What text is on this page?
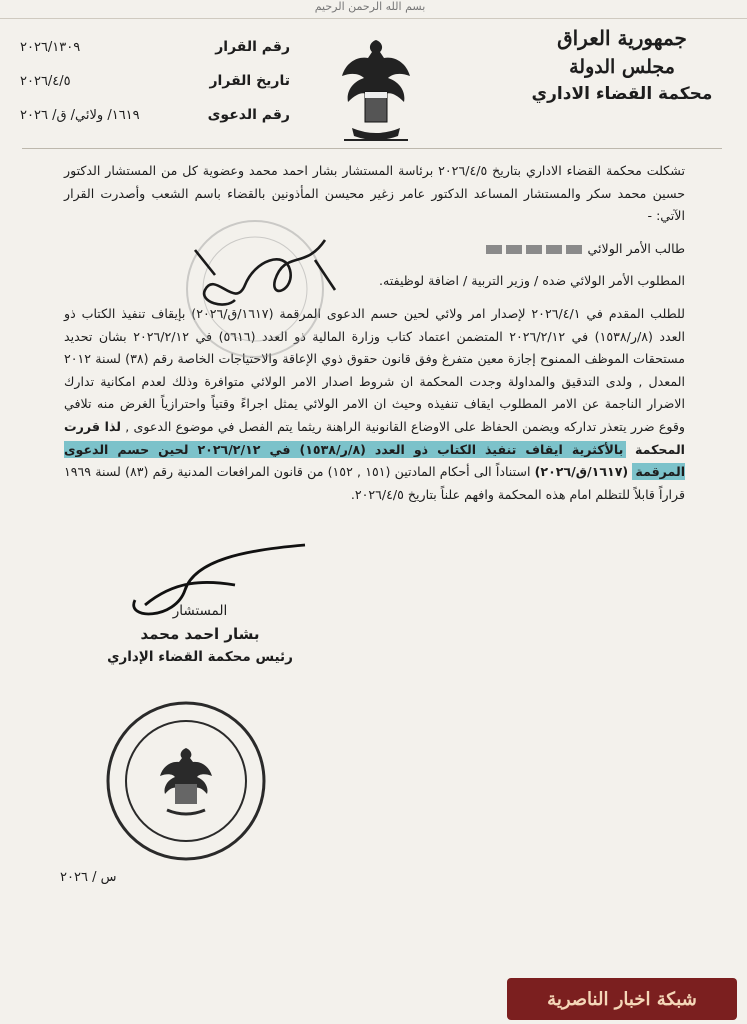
بسم الله الرحمن الرحيم
جمهورية العراق
مجلس الدولة
محكمة القضاء الاداري
رقم القرار
٢٠٢٦/١٣٠٩
تاريخ القرار
٢٠٢٦/٤/٥
رقم الدعوى
١٦١٩/ ولائي/ ق/ ٢٠٢٦

تشكلت محكمة القضاء الاداري بتاريخ ٢٠٢٦/٤/٥ برئاسة المستشار بشار احمد محمد وعضوية كل من المستشار الدكتور حسين محمد سكر والمستشار المساعد الدكتور عامر زغير محيسن المأذونين بالقضاء باسم الشعب وأصدرت القرار الآتي: -

طالب الأمر الولائي

المطلوب الأمر الولائي ضده / وزير التربية / اضافة لوظيفته.

للطلب المقدم في ٢٠٢٦/٤/١ لإصدار امر ولائي لحين حسم الدعوى المرقمة (١٦١٧/ق/٢٠٢٦) بإيقاف تنفيذ الكتاب ذو العدد (٨/ر/١٥٣٨) في ٢٠٢٦/٢/١٢ المتضمن اعتماد كتاب وزارة المالية ذو العدد (٥٦١٦) في ٢٠٢٦/٢/١٢ بشان تحديد مستحقات الموظف الممنوح إجازة معين متفرغ وفق قانون حقوق ذوي الإعاقة والاحتياجات الخاصة رقم (٣٨) لسنة ٢٠١٢ المعدل , ولدى التدقيق والمداولة وجدت المحكمة ان شروط اصدار الامر الولائي متوافرة وذلك لعدم امكانية تدارك الاضرار الناجمة عن الامر المطلوب ايقاف تنفيذه وحيث ان الامر الولائي يمثل اجراءً وقتياً واحترازياً الغرض منه تلافي وقوع ضرر يتعذر تداركه ويضمن الحفاظ على الاوضاع القانونية الراهنة ريثما يتم الفصل في موضوع الدعوى , لذا قررت المحكمة بالأكثرية ايقاف تنفيذ الكتاب ذو العدد (٨/ر/١٥٣٨) في ٢٠٢٦/٢/١٢ لحين حسم الدعوى المرقمة (١٦١٧/ق/٢٠٢٦) استناداً الى أحكام المادتين (١٥١ , ١٥٢) من قانون المرافعات المدنية رقم (٨٣) لسنة ١٩٦٩ قراراً قابلاً للتظلم امام هذه المحكمة وافهم علناً بتاريخ ٢٠٢٦/٤/٥.

المستشار
بشار احمد محمد
رئيس محكمة القضاء الإداري
س / ٢٠٢٦
شبكة اخبار الناصرية
